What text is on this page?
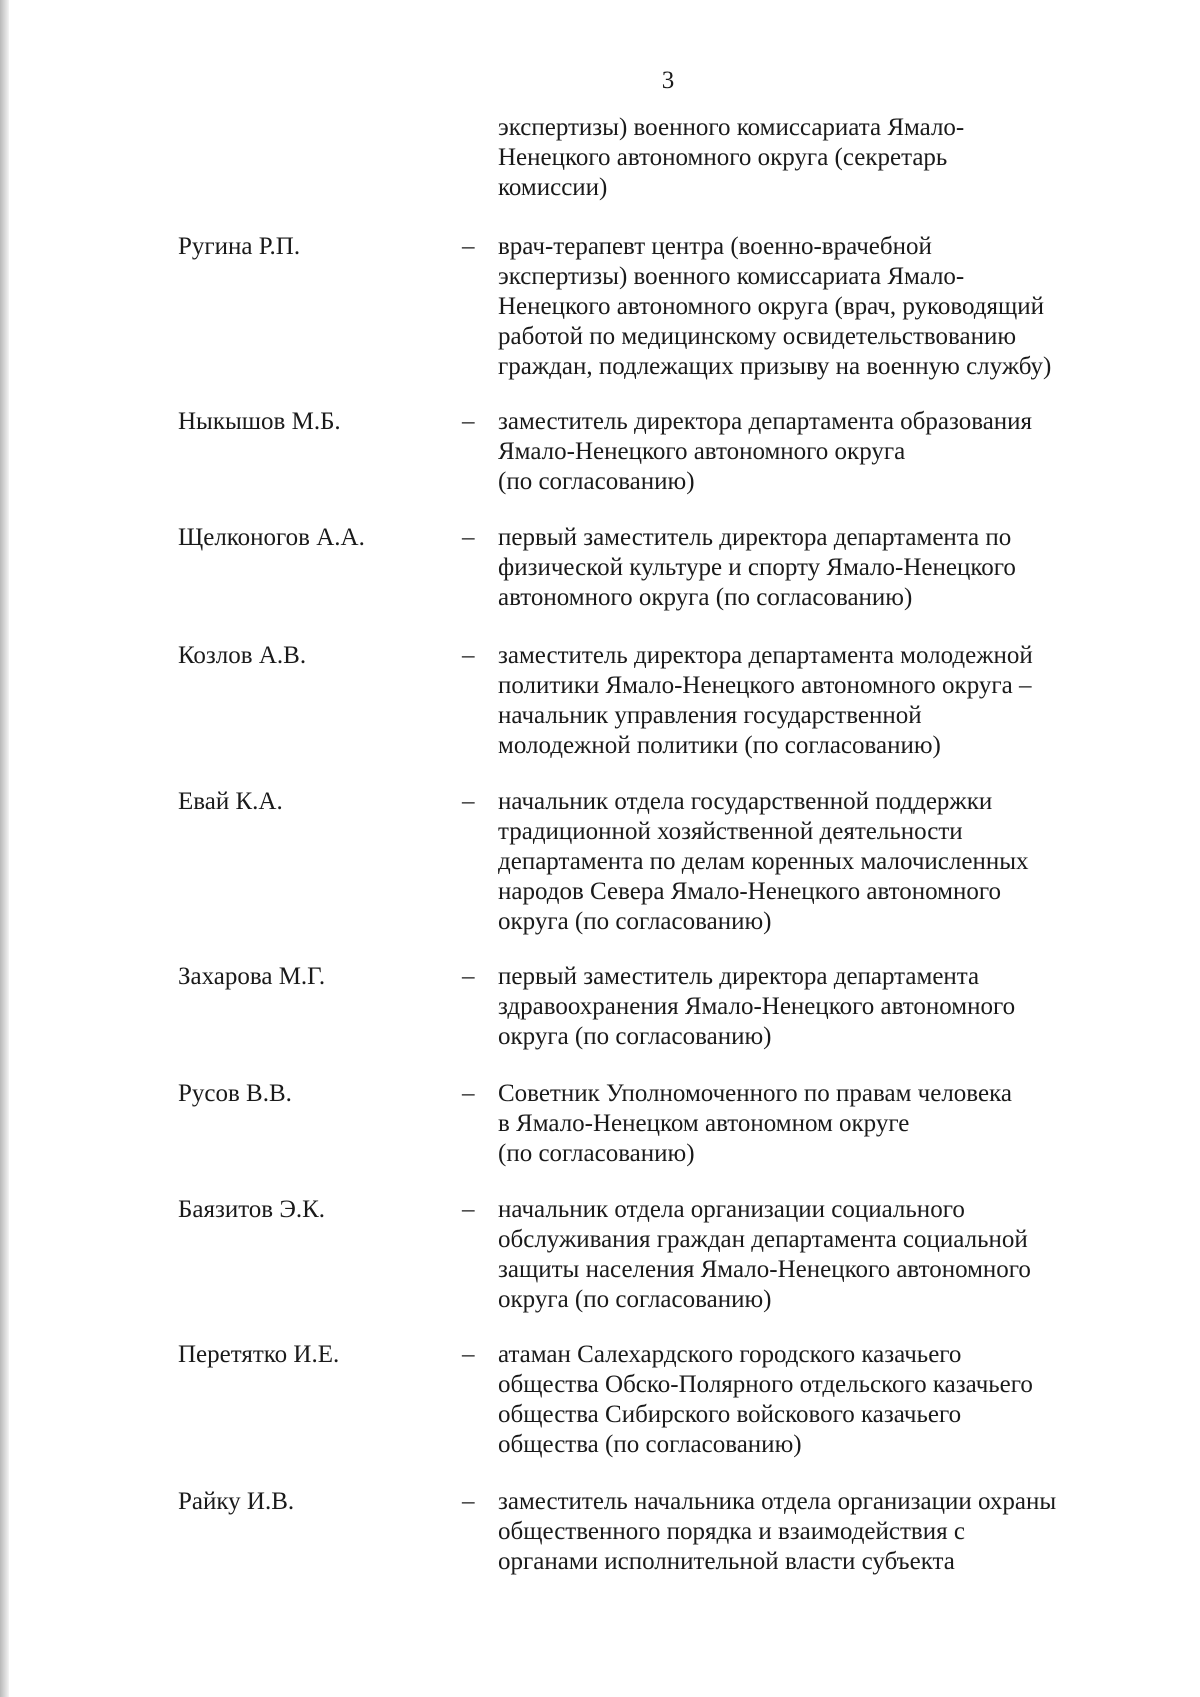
3
экспертизы) военного комиссариата Ямало-
Ненецкого автономного округа (секретарь
комиссии)
Ругина Р.П.	– врач-терапевт центра (военно-врачебной
экспертизы) военного комиссариата Ямало-
Ненецкого автономного округа (врач, руководящий
работой по медицинскому освидетельствованию
граждан, подлежащих призыву на военную службу)
Ныкышов М.Б.	– заместитель директора департамента образования
Ямало-Ненецкого автономного округа
(по согласованию)
Щелконогов А.А.	– первый заместитель директора департамента по
физической культуре и спорту Ямало-Ненецкого
автономного округа (по согласованию)
Козлов А.В.	– заместитель директора департамента молодежной
политики Ямало-Ненецкого автономного округа –
начальник управления государственной
молодежной политики (по согласованию)
Евай К.А.	– начальник отдела государственной поддержки
традиционной хозяйственной деятельности
департамента по делам коренных малочисленных
народов Севера Ямало-Ненецкого автономного
округа (по согласованию)
Захарова М.Г.	– первый заместитель директора департамента
здравоохранения Ямало-Ненецкого автономного
округа (по согласованию)
Русов В.В.	– Советник Уполномоченного по правам человека
в Ямало-Ненецком автономном округе
(по согласованию)
Баязитов Э.К.	– начальник отдела организации социального
обслуживания граждан департамента социальной
защиты населения Ямало-Ненецкого автономного
округа (по согласованию)
Перетятко И.Е.	– атаман Салехардского городского казачьего
общества Обско-Полярного отдельского казачьего
общества Сибирского войскового казачьего
общества (по согласованию)
Райку И.В.	– заместитель начальника отдела организации охраны
общественного порядка и взаимодействия с
органами исполнительной власти субъекта
